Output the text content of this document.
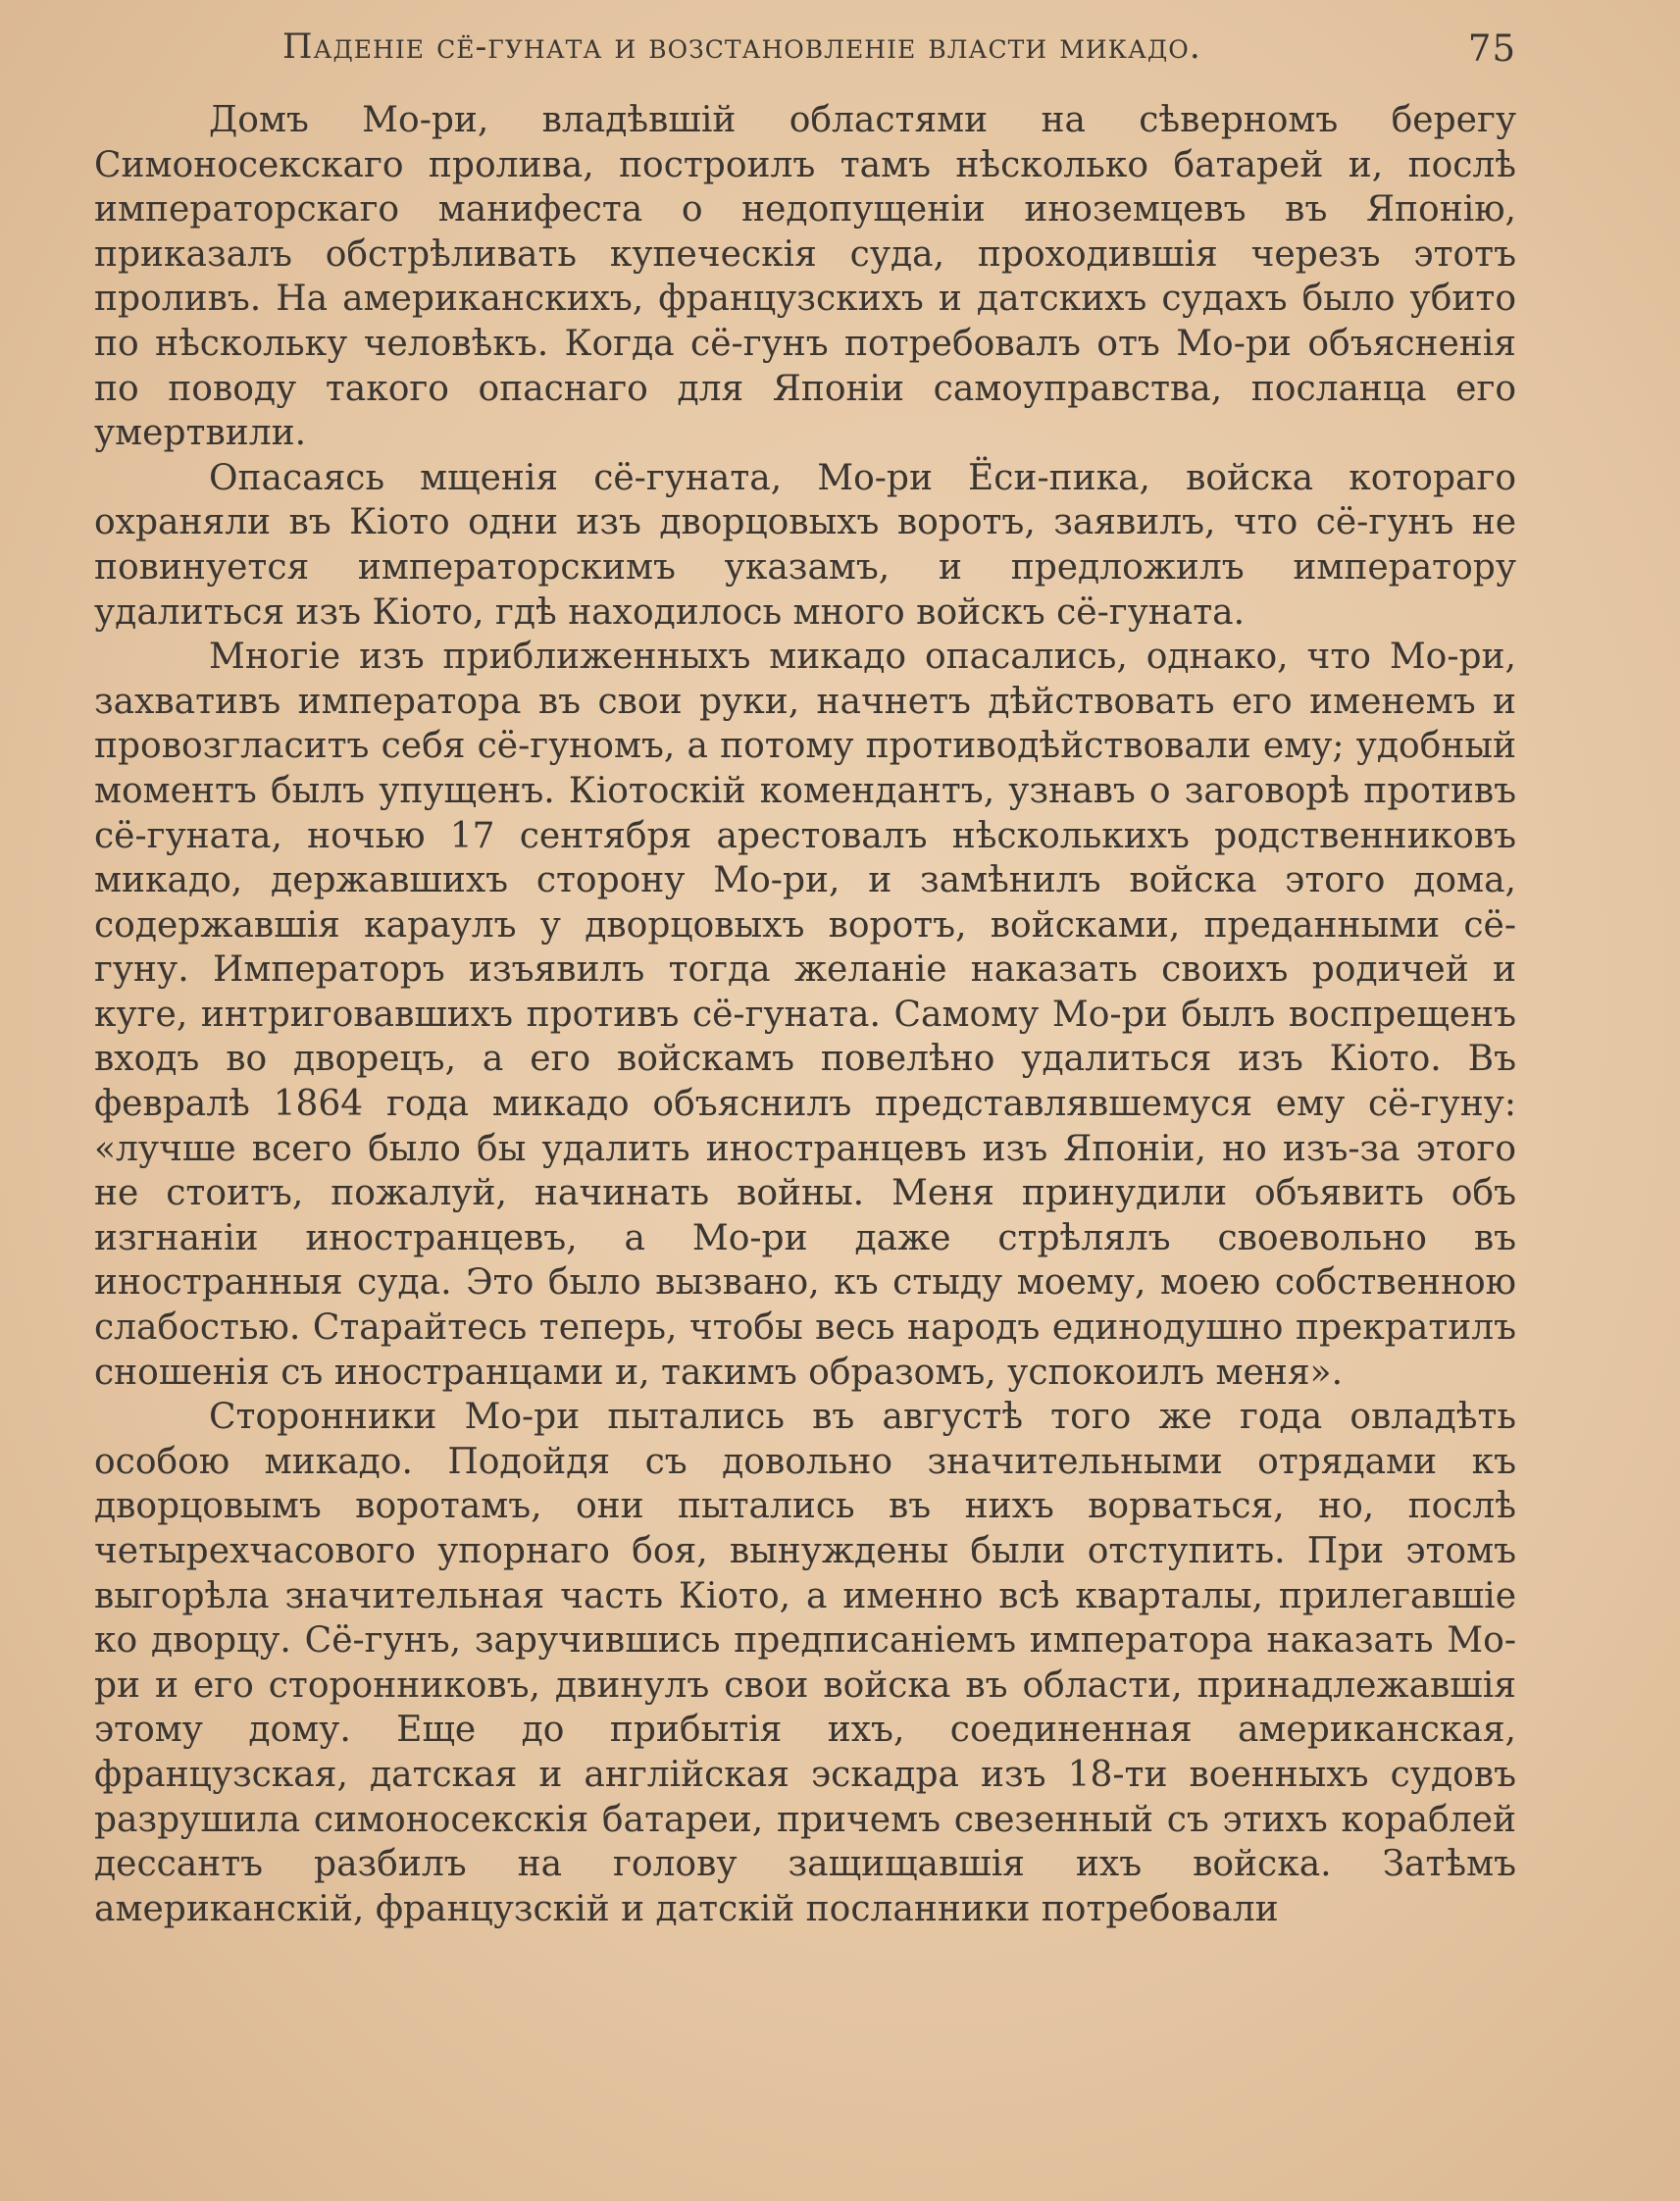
Паденіе сё-гуната и возстановленіе власти микадо.	75

Домъ Мо-ри, владѣвшій областями на сѣверномъ берегу Симоносекскаго пролива, построилъ тамъ нѣсколько батарей и, послѣ императорскаго манифеста о недопущеніи иноземцевъ въ Японію, приказалъ обстрѣливать купеческія суда, проходившія черезъ этотъ проливъ. На американскихъ, французскихъ и датскихъ судахъ было убито по нѣскольку человѣкъ. Когда сё-гунъ потребовалъ отъ Мо-ри объясненія по поводу такого опаснаго для Японіи самоуправства, посланца его умертвили.

Опасаясь мщенія сё-гуната, Мо-ри Ёси-пика, войска котораго охраняли въ Кіото одни изъ дворцовыхъ воротъ, заявилъ, что сё-гунъ не повинуется императорскимъ указамъ, и предложилъ императору удалиться изъ Кіото, гдѣ находилось много войскъ сё-гуната.

Многіе изъ приближенныхъ микадо опасались, однако, что Мо-ри, захвативъ императора въ свои руки, начнетъ дѣйствовать его именемъ и провозгласитъ себя сё-гуномъ, а потому противодѣйствовали ему; удобный моментъ былъ упущенъ. Кіотоскій комендантъ, узнавъ о заговорѣ противъ сё-гуната, ночью 17 сентября арестовалъ нѣсколькихъ родственниковъ микадо, державшихъ сторону Мо-ри, и замѣнилъ войска этого дома, содержавшія караулъ у дворцовыхъ воротъ, войсками, преданными сё-гуну. Императоръ изъявилъ тогда желаніе наказать своихъ родичей и куге, интриговавшихъ противъ сё-гуната. Самому Мо-ри былъ воспрещенъ входъ во дворецъ, а его войскамъ повелѣно удалиться изъ Кіото. Въ февралѣ 1864 года микадо объяснилъ представлявшемуся ему сё-гуну: «лучше всего было бы удалить иностранцевъ изъ Японіи, но изъ-за этого не стоитъ, пожалуй, начинать войны. Меня принудили объявить объ изгнаніи иностранцевъ, а Мо-ри даже стрѣлялъ своевольно въ иностранныя суда. Это было вызвано, къ стыду моему, моею собственною слабостью. Старайтесь теперь, чтобы весь народъ единодушно прекратилъ сношенія съ иностранцами и, такимъ образомъ, успокоилъ меня».

Сторонники Мо-ри пытались въ августѣ того же года овладѣть особою микадо. Подойдя съ довольно значительными отрядами къ дворцовымъ воротамъ, они пытались въ нихъ ворваться, но, послѣ четырехчасового упорнаго боя, вынуждены были отступить. При этомъ выгорѣла значительная часть Кіото, а именно всѣ кварталы, прилегавшіе ко дворцу. Сё-гунъ, заручившись предписаніемъ императора наказать Мо-ри и его сторонниковъ, двинулъ свои войска въ области, принадлежавшія этому дому. Еще до прибытія ихъ, соединенная американская, французская, датская и англійская эскадра изъ 18-ти военныхъ судовъ разрушила симоносекскія батареи, причемъ свезенный съ этихъ кораблей дессантъ разбилъ на голову защищавшія ихъ войска. Затѣмъ американскій, французскій и датскій посланники потребовали
